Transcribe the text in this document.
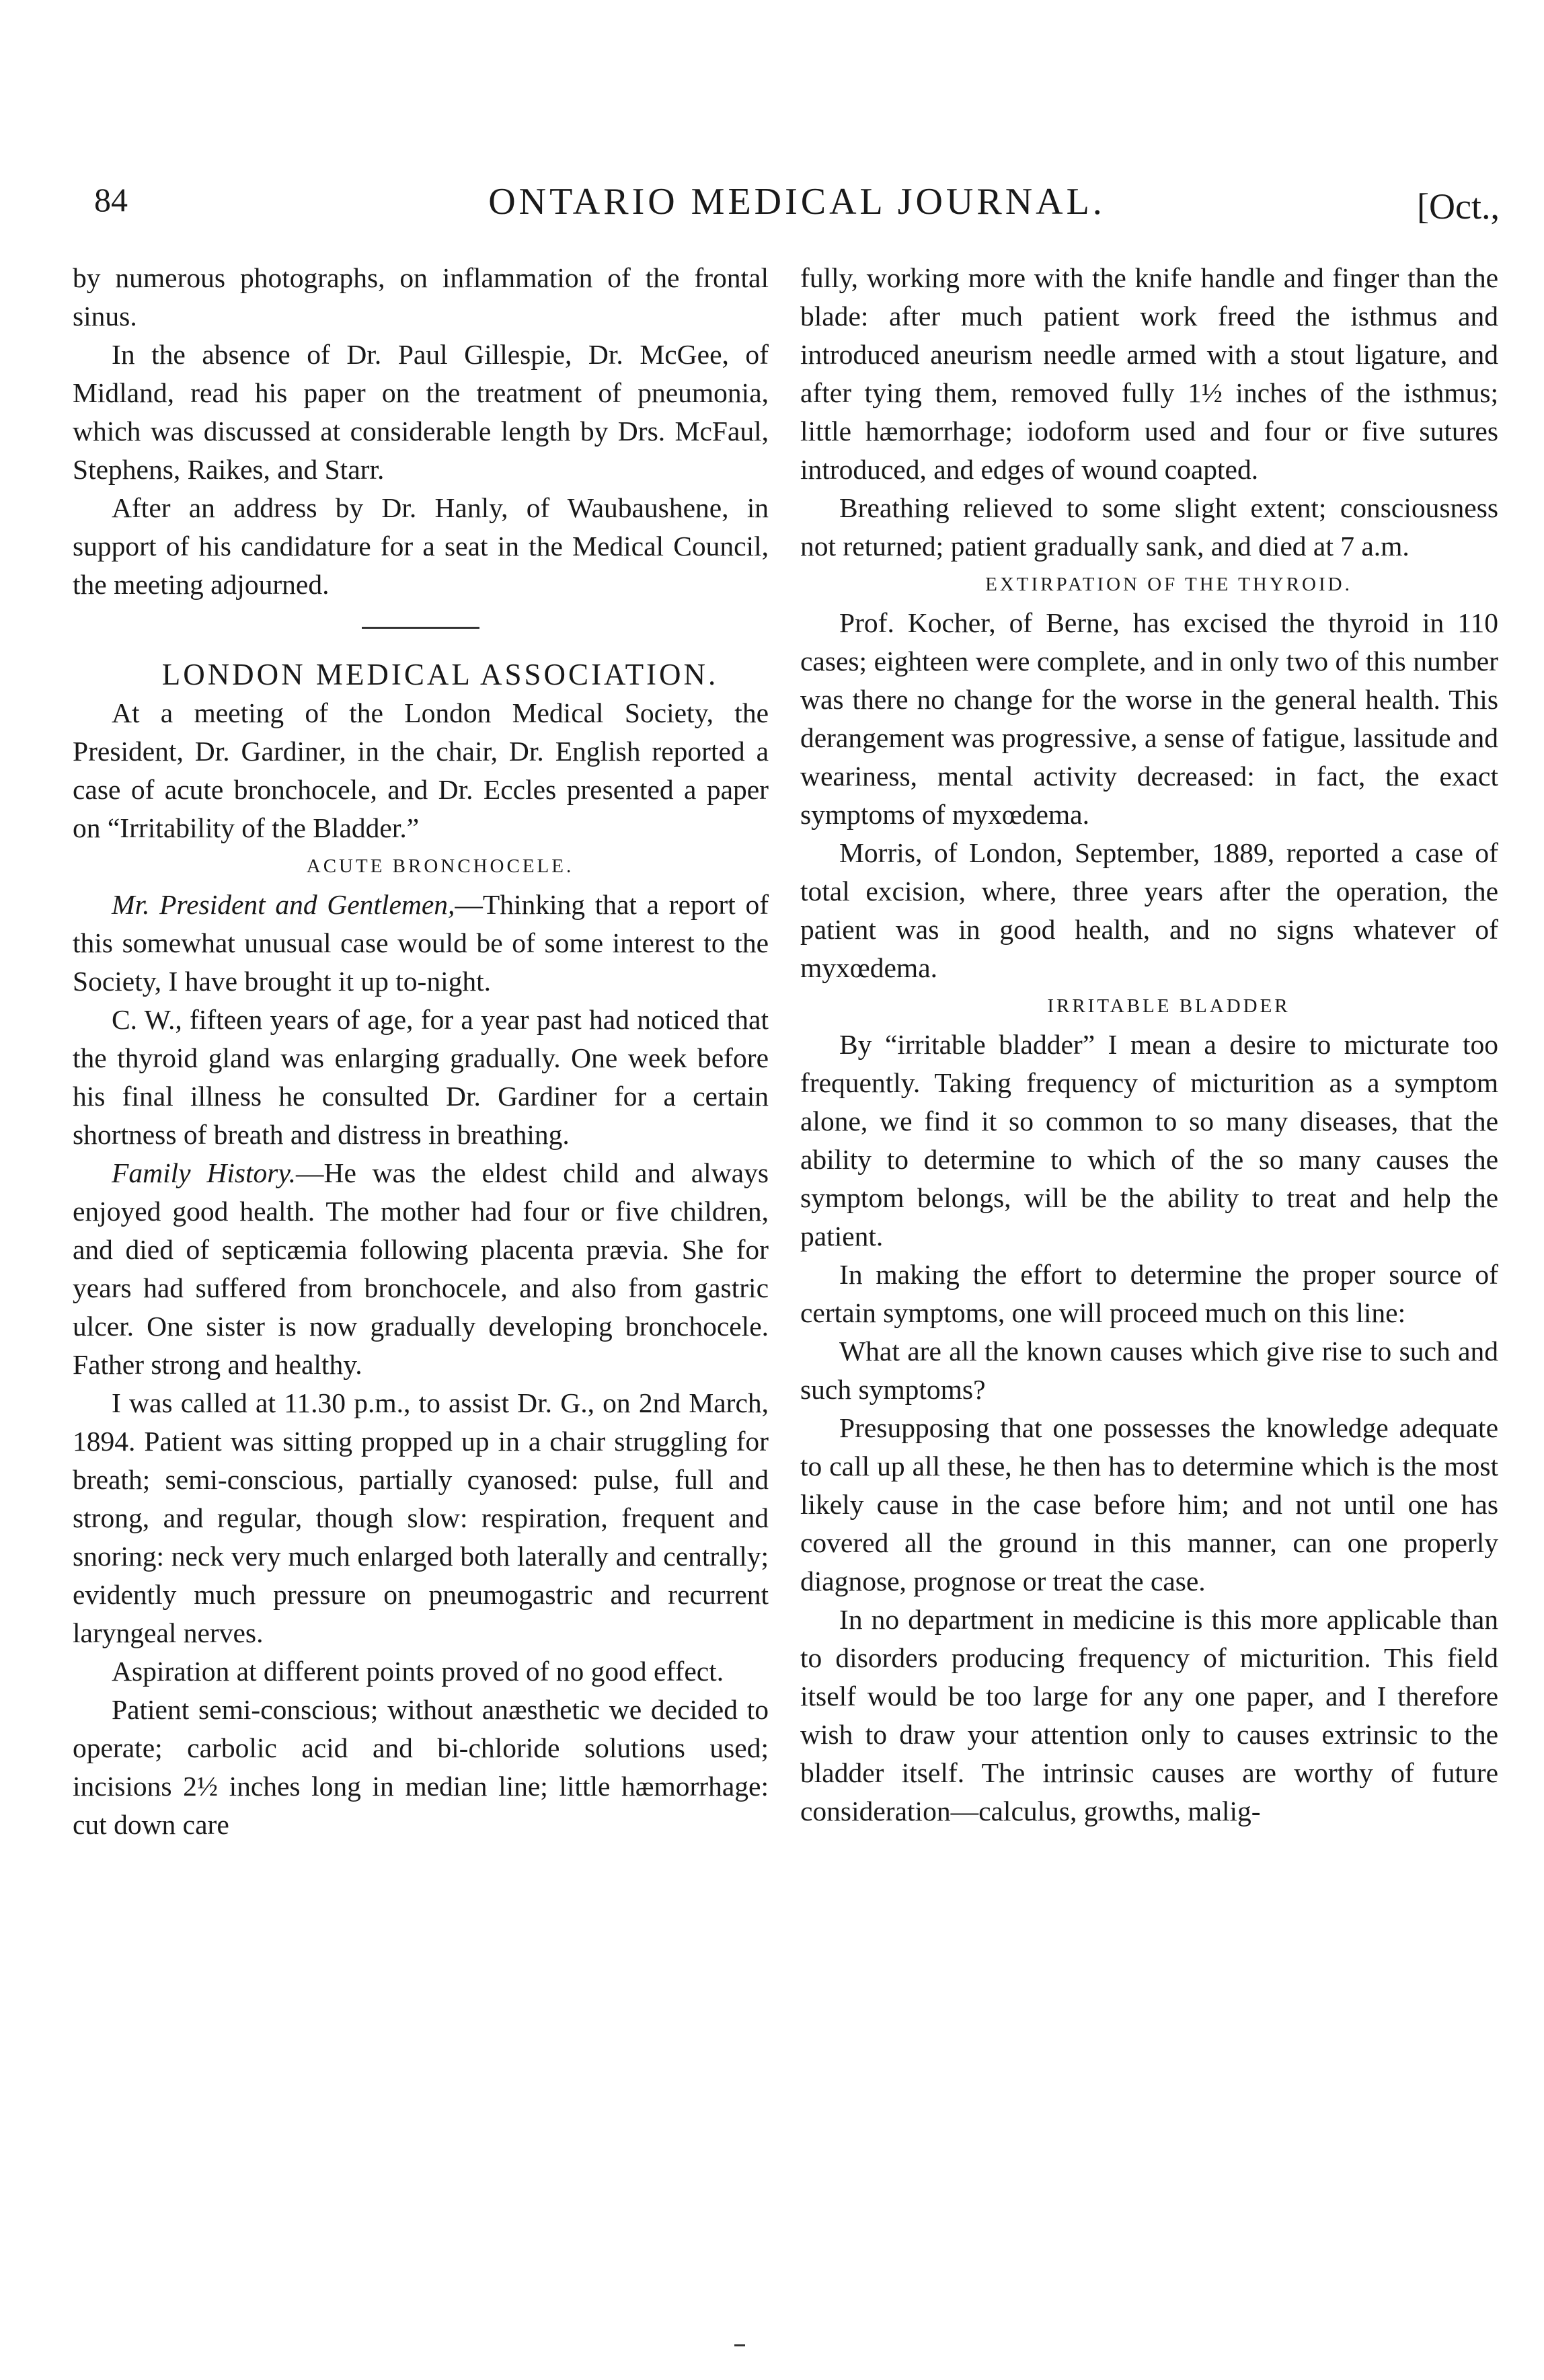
84	ONTARIO MEDICAL JOURNAL.	[Oct.,

by numerous photographs, on inflammation of the frontal sinus.

In the absence of Dr. Paul Gillespie, Dr. McGee, of Midland, read his paper on the treatment of pneumonia, which was discussed at considerable length by Drs. McFaul, Stephens, Raikes, and Starr.

After an address by Dr. Hanly, of Waubaushene, in support of his candidature for a seat in the Medical Council, the meeting adjourned.

LONDON MEDICAL ASSOCIATION.

At a meeting of the London Medical Society, the President, Dr. Gardiner, in the chair, Dr. English reported a case of acute bronchocele, and Dr. Eccles presented a paper on “Irritability of the Bladder.”

ACUTE BRONCHOCELE.

Mr. President and Gentlemen,—Thinking that a report of this somewhat unusual case would be of some interest to the Society, I have brought it up to-night.

C. W., fifteen years of age, for a year past had noticed that the thyroid gland was enlarging gradually. One week before his final illness he consulted Dr. Gardiner for a certain shortness of breath and distress in breathing.

Family History.—He was the eldest child and always enjoyed good health. The mother had four or five children, and died of septicæmia following placenta prævia. She for years had suffered from bronchocele, and also from gastric ulcer. One sister is now gradually developing bronchocele. Father strong and healthy.

I was called at 11.30 p.m., to assist Dr. G., on 2nd March, 1894. Patient was sitting propped up in a chair struggling for breath; semi-conscious, partially cyanosed: pulse, full and strong, and regular, though slow: respiration, frequent and snoring: neck very much enlarged both laterally and centrally; evidently much pressure on pneumogastric and recurrent laryngeal nerves.

Aspiration at different points proved of no good effect.

Patient semi-conscious; without anæsthetic we decided to operate; carbolic acid and bi-chloride solutions used; incisions 2½ inches long in median line; little hæmorrhage: cut down care

fully, working more with the knife handle and finger than the blade: after much patient work freed the isthmus and introduced aneurism needle armed with a stout ligature, and after tying them, removed fully 1½ inches of the isthmus; little hæmorrhage; iodoform used and four or five sutures introduced, and edges of wound coapted.

Breathing relieved to some slight extent; consciousness not returned; patient gradually sank, and died at 7 a.m.

EXTIRPATION OF THE THYROID.

Prof. Kocher, of Berne, has excised the thyroid in 110 cases; eighteen were complete, and in only two of this number was there no change for the worse in the general health. This derangement was progressive, a sense of fatigue, lassitude and weariness, mental activity decreased: in fact, the exact symptoms of myxœdema.

Morris, of London, September, 1889, reported a case of total excision, where, three years after the operation, the patient was in good health, and no signs whatever of myxœdema.

IRRITABLE BLADDER

By “irritable bladder” I mean a desire to micturate too frequently. Taking frequency of micturition as a symptom alone, we find it so common to so many diseases, that the ability to determine to which of the so many causes the symptom belongs, will be the ability to treat and help the patient.

In making the effort to determine the proper source of certain symptoms, one will proceed much on this line:

What are all the known causes which give rise to such and such symptoms?

Presupposing that one possesses the knowledge adequate to call up all these, he then has to determine which is the most likely cause in the case before him; and not until one has covered all the ground in this manner, can one properly diagnose, prognose or treat the case.

In no department in medicine is this more applicable than to disorders producing frequency of micturition. This field itself would be too large for any one paper, and I therefore wish to draw your attention only to causes extrinsic to the bladder itself. The intrinsic causes are worthy of future consideration—calculus, growths, malig-
